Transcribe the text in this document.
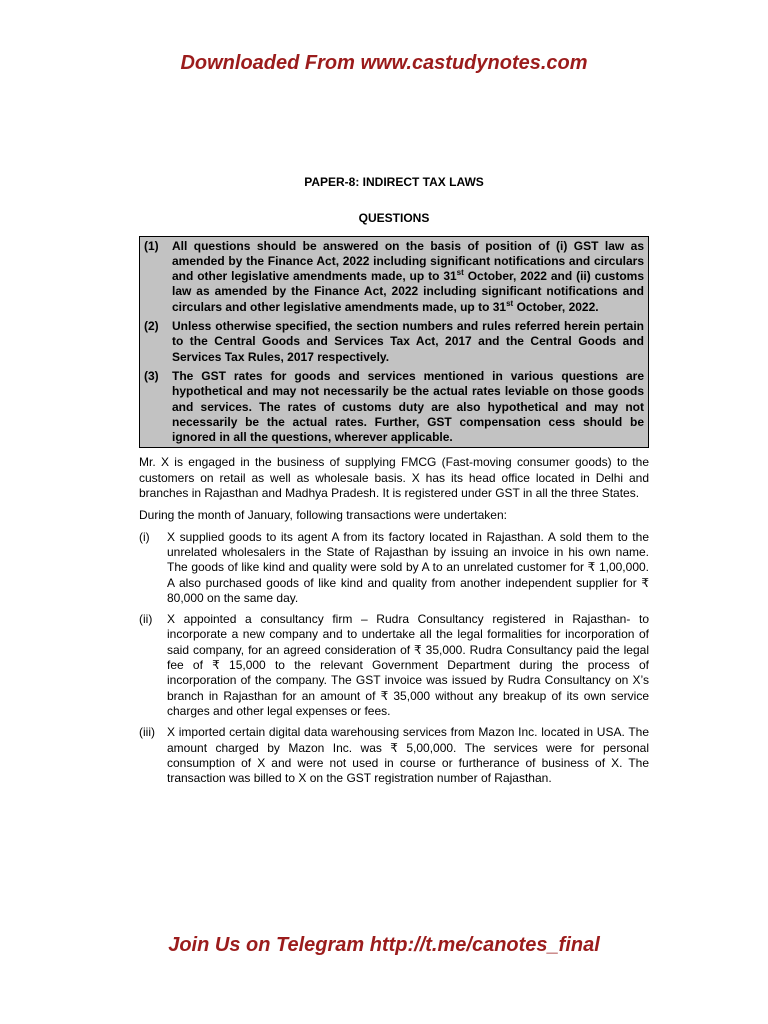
Downloaded From www.castudynotes.com
PAPER-8: INDIRECT TAX LAWS
QUESTIONS
(1)	All questions should be answered on the basis of position of (i) GST law as amended by the Finance Act, 2022 including significant notifications and circulars and other legislative amendments made, up to 31st October, 2022 and (ii) customs law as amended by the Finance Act, 2022 including significant notifications and circulars and other legislative amendments made, up to 31st October, 2022.
(2)	Unless otherwise specified, the section numbers and rules referred herein pertain to the Central Goods and Services Tax Act, 2017 and the Central Goods and Services Tax Rules, 2017 respectively.
(3)	The GST rates for goods and services mentioned in various questions are hypothetical and may not necessarily be the actual rates leviable on those goods and services. The rates of customs duty are also hypothetical and may not necessarily be the actual rates. Further, GST compensation cess should be ignored in all the questions, wherever applicable.

Mr. X is engaged in the business of supplying FMCG (Fast-moving consumer goods) to the customers on retail as well as wholesale basis. X has its head office located in Delhi and branches in Rajasthan and Madhya Pradesh. It is registered under GST in all the three States.

During the month of January, following transactions were undertaken:

(i)	X supplied goods to its agent A from its factory located in Rajasthan. A sold them to the unrelated wholesalers in the State of Rajasthan by issuing an invoice in his own name. The goods of like kind and quality were sold by A to an unrelated customer for ₹ 1,00,000. A also purchased goods of like kind and quality from another independent supplier for ₹ 80,000 on the same day.
(ii)	X appointed a consultancy firm – Rudra Consultancy registered in Rajasthan- to incorporate a new company and to undertake all the legal formalities for incorporation of said company, for an agreed consideration of ₹ 35,000. Rudra Consultancy paid the legal fee of ₹ 15,000 to the relevant Government Department during the process of incorporation of the company. The GST invoice was issued by Rudra Consultancy on X’s branch in Rajasthan for an amount of ₹ 35,000 without any breakup of its own service charges and other legal expenses or fees.
(iii)	X imported certain digital data warehousing services from Mazon Inc. located in USA. The amount charged by Mazon Inc. was ₹ 5,00,000. The services were for personal consumption of X and were not used in course or furtherance of business of X. The transaction was billed to X on the GST registration number of Rajasthan.
Join Us on Telegram http://t.me/canotes_final
